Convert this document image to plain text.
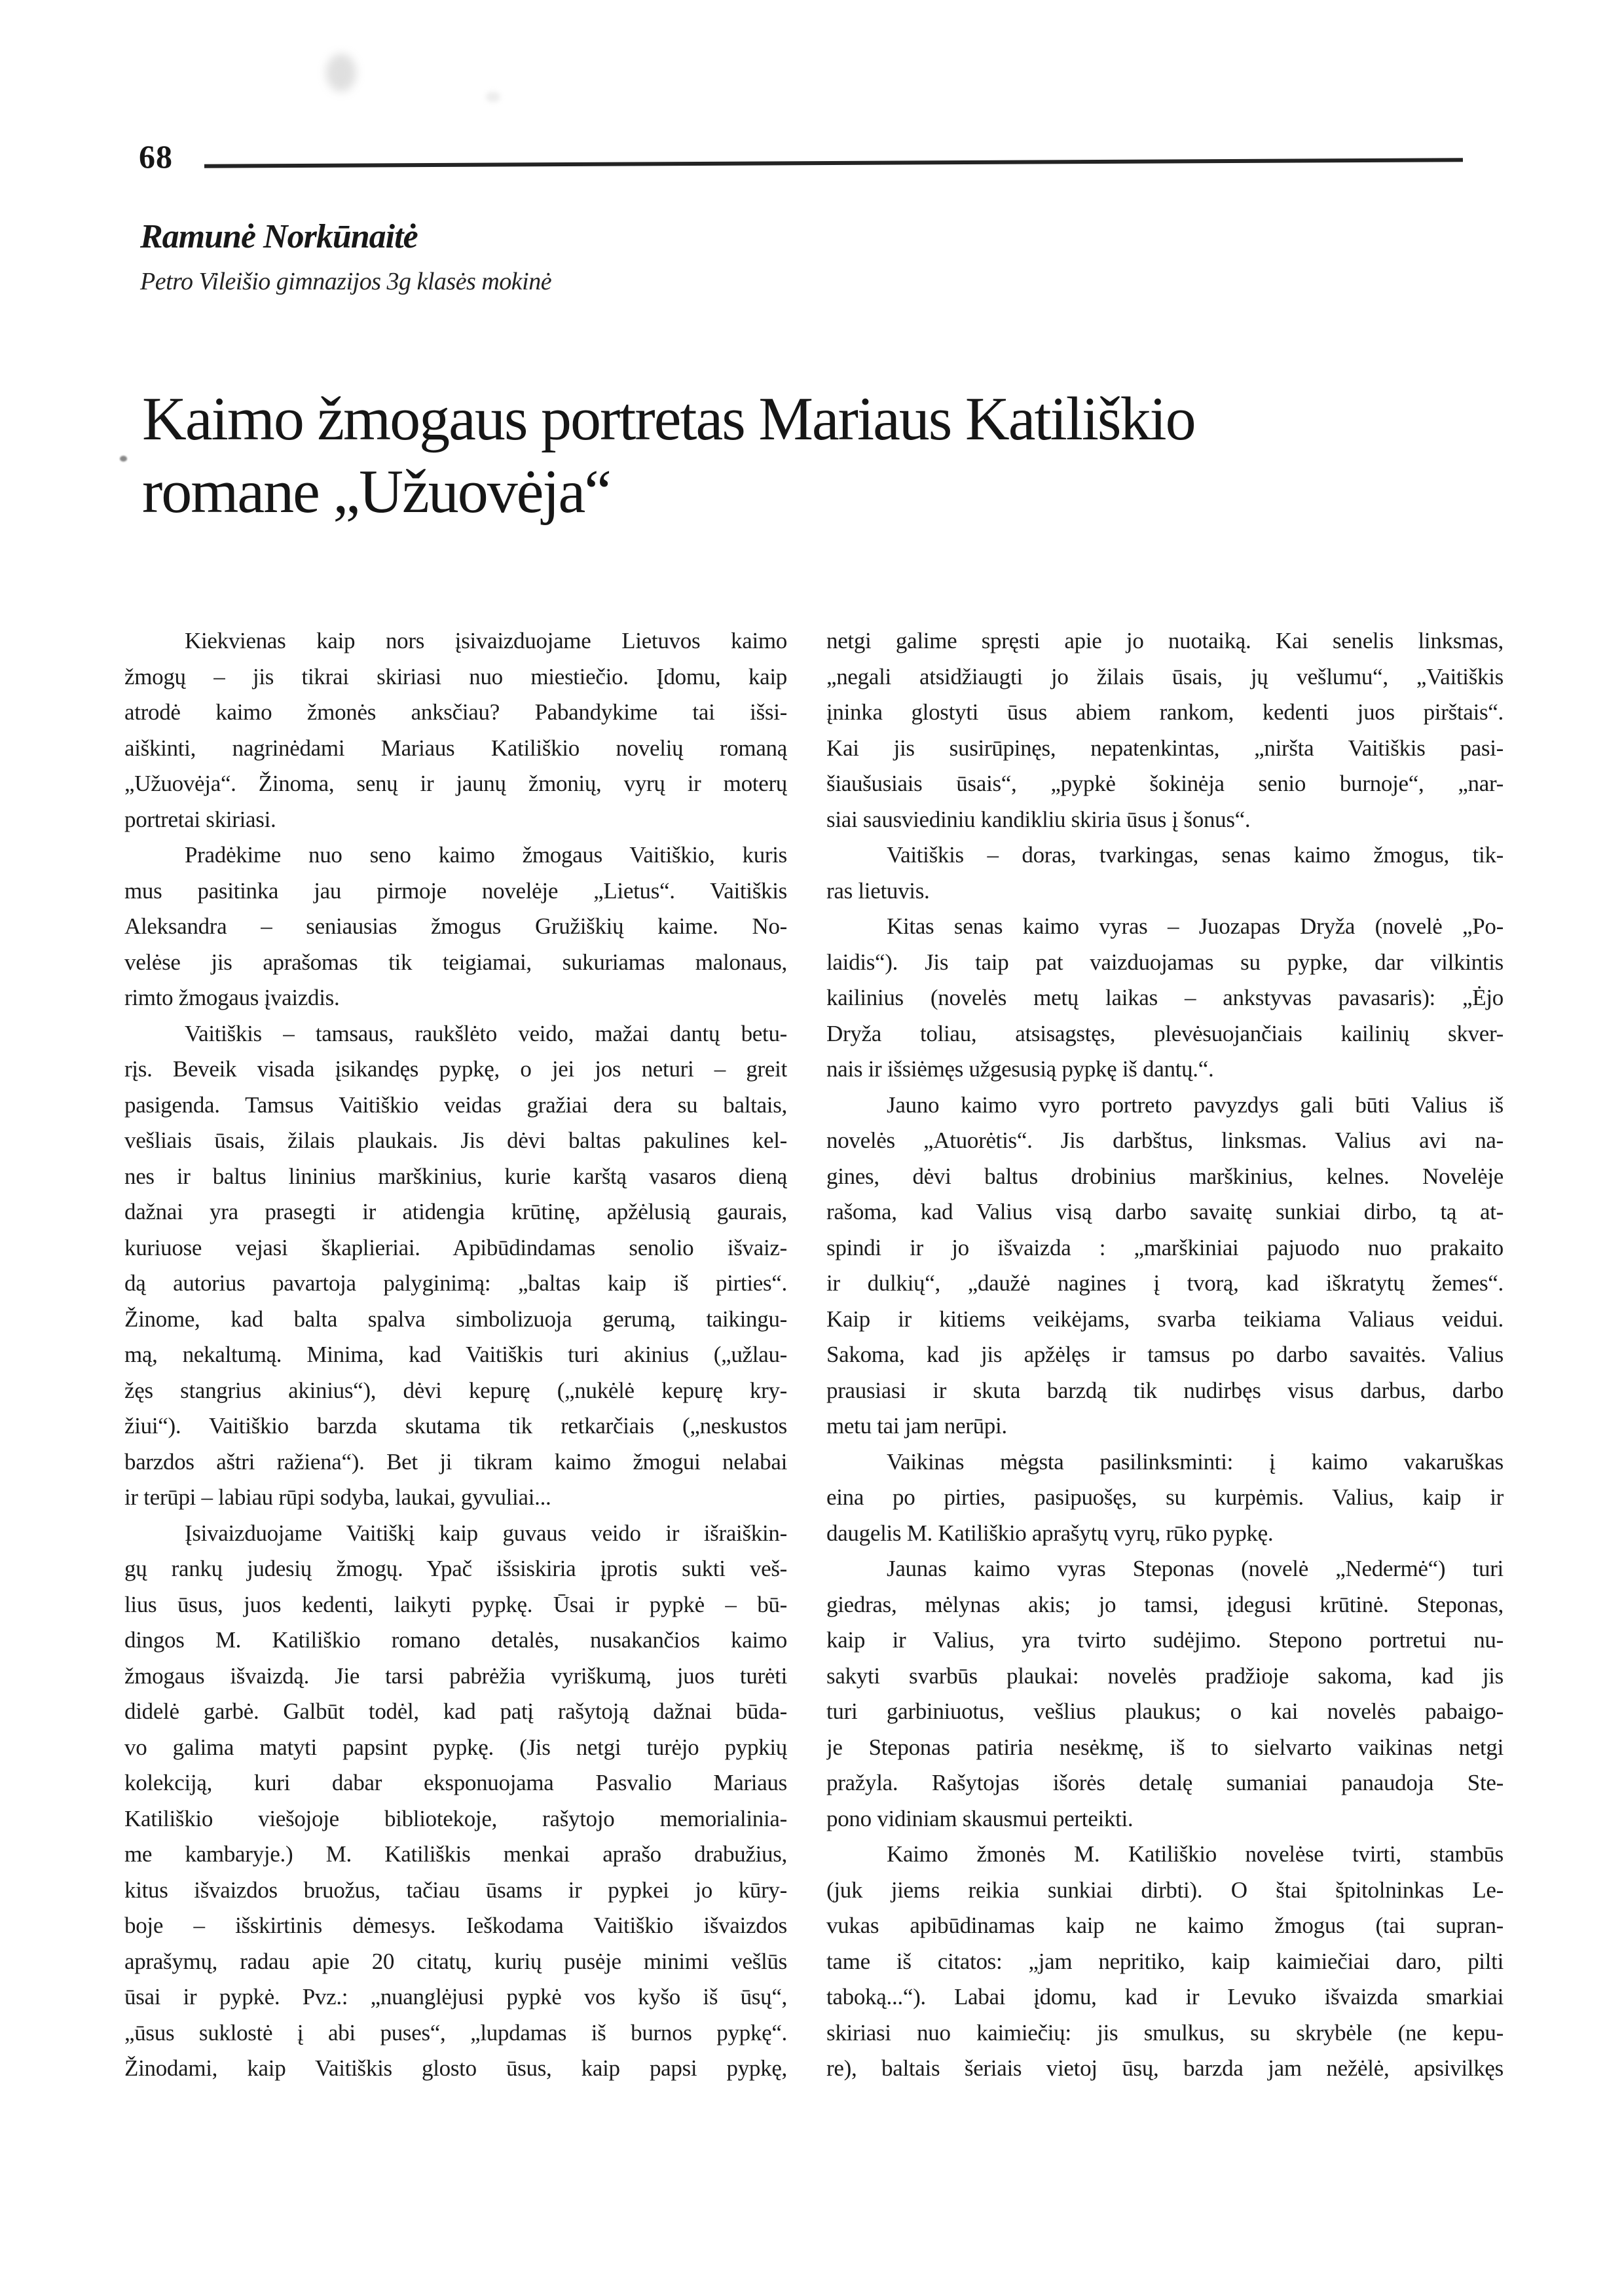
68
Ramunė Norkūnaitė
Petro Vileišio gimnazijos 3g klasės mokinė
Kaimo žmogaus portretas Mariaus Katiliškio
romane „Užuovėja“
Kiekvienas kaip nors įsivaizduojame Lietuvos kaimo
žmogų – jis tikrai skiriasi nuo miestiečio. Įdomu, kaip
atrodė kaimo žmonės anksčiau? Pabandykime tai išsi-
aiškinti, nagrinėdami Mariaus Katiliškio novelių romaną
„Užuovėja“. Žinoma, senų ir jaunų žmonių, vyrų ir moterų
portretai skiriasi.
Pradėkime nuo seno kaimo žmogaus Vaitiškio, kuris
mus pasitinka jau pirmoje novelėje „Lietus“. Vaitiškis
Aleksandra – seniausias žmogus Gružiškių kaime. No-
velėse jis aprašomas tik teigiamai, sukuriamas malonaus,
rimto žmogaus įvaizdis.
Vaitiškis – tamsaus, raukšlėto veido, mažai dantų betu-
rįs. Beveik visada įsikandęs pypkę, o jei jos neturi – greit
pasigenda. Tamsus Vaitiškio veidas gražiai dera su baltais,
vešliais ūsais, žilais plaukais. Jis dėvi baltas pakulines kel-
nes ir baltus lininius marškinius, kurie karštą vasaros dieną
dažnai yra prasegti ir atidengia krūtinę, apžėlusią gaurais,
kuriuose vejasi škaplieriai. Apibūdindamas senolio išvaiz-
dą autorius pavartoja palyginimą: „baltas kaip iš pirties“.
Žinome, kad balta spalva simbolizuoja gerumą, taikingu-
mą, nekaltumą. Minima, kad Vaitiškis turi akinius („užlau-
žęs stangrius akinius“), dėvi kepurę („nukėlė kepurę kry-
žiui“). Vaitiškio barzda skutama tik retkarčiais („neskustos
barzdos aštri ražiena“). Bet ji tikram kaimo žmogui nelabai
ir terūpi – labiau rūpi sodyba, laukai, gyvuliai...
Įsivaizduojame Vaitiškį kaip guvaus veido ir išraiškin-
gų rankų judesių žmogų. Ypač išsiskiria įprotis sukti veš-
lius ūsus, juos kedenti, laikyti pypkę. Ūsai ir pypkė – bū-
dingos M. Katiliškio romano detalės, nusakančios kaimo
žmogaus išvaizdą. Jie tarsi pabrėžia vyriškumą, juos turėti
didelė garbė. Galbūt todėl, kad patį rašytoją dažnai būda-
vo galima matyti papsint pypkę. (Jis netgi turėjo pypkių
kolekciją, kuri dabar eksponuojama Pasvalio Mariaus
Katiliškio viešojoje bibliotekoje, rašytojo memorialinia-
me kambaryje.) M. Katiliškis menkai aprašo drabužius,
kitus išvaizdos bruožus, tačiau ūsams ir pypkei jo kūry-
boje – išskirtinis dėmesys. Ieškodama Vaitiškio išvaizdos
aprašymų, radau apie 20 citatų, kurių pusėje minimi vešlūs
ūsai ir pypkė. Pvz.: „nuanglėjusi pypkė vos kyšo iš ūsų“,
„ūsus suklostė į abi puses“, „lupdamas iš burnos pypkę“.
Žinodami, kaip Vaitiškis glosto ūsus, kaip papsi pypkę,
netgi galime spręsti apie jo nuotaiką. Kai senelis linksmas,
„negali atsidžiaugti jo žilais ūsais, jų vešlumu“, „Vaitiškis
įninka glostyti ūsus abiem rankom, kedenti juos pirštais“.
Kai jis susirūpinęs, nepatenkintas, „niršta Vaitiškis pasi-
šiaušusiais ūsais“, „pypkė šokinėja senio burnoje“, „nar-
siai sausviediniu kandikliu skiria ūsus į šonus“.
Vaitiškis – doras, tvarkingas, senas kaimo žmogus, tik-
ras lietuvis.
Kitas senas kaimo vyras – Juozapas Dryža (novelė „Po-
laidis“). Jis taip pat vaizduojamas su pypke, dar vilkintis
kailinius (novelės metų laikas – ankstyvas pavasaris): „Ėjo
Dryža toliau, atsisagstęs, plevėsuojančiais kailinių skver-
nais ir išsiėmęs užgesusią pypkę iš dantų.“.
Jauno kaimo vyro portreto pavyzdys gali būti Valius iš
novelės „Atuorėtis“. Jis darbštus, linksmas. Valius avi na-
gines, dėvi baltus drobinius marškinius, kelnes. Novelėje
rašoma, kad Valius visą darbo savaitę sunkiai dirbo, tą at-
spindi ir jo išvaizda : „marškiniai pajuodo nuo prakaito
ir dulkių“, „daužė nagines į tvorą, kad iškratytų žemes“.
Kaip ir kitiems veikėjams, svarba teikiama Valiaus veidui.
Sakoma, kad jis apžėlęs ir tamsus po darbo savaitės. Valius
prausiasi ir skuta barzdą tik nudirbęs visus darbus, darbo
metu tai jam nerūpi.
Vaikinas mėgsta pasilinksminti: į kaimo vakaruškas
eina po pirties, pasipuošęs, su kurpėmis. Valius, kaip ir
daugelis M. Katiliškio aprašytų vyrų, rūko pypkę.
Jaunas kaimo vyras Steponas (novelė „Nedermė“) turi
giedras, mėlynas akis; jo tamsi, įdegusi krūtinė. Steponas,
kaip ir Valius, yra tvirto sudėjimo. Stepono portretui nu-
sakyti svarbūs plaukai: novelės pradžioje sakoma, kad jis
turi garbiniuotus, vešlius plaukus; o kai novelės pabaigo-
je Steponas patiria nesėkmę, iš to sielvarto vaikinas netgi
pražyla. Rašytojas išorės detalę sumaniai panaudoja Ste-
pono vidiniam skausmui perteikti.
Kaimo žmonės M. Katiliškio novelėse tvirti, stambūs
(juk jiems reikia sunkiai dirbti). O štai špitolninkas Le-
vukas apibūdinamas kaip ne kaimo žmogus (tai supran-
tame iš citatos: „jam nepritiko, kaip kaimiečiai daro, pilti
taboką...“). Labai įdomu, kad ir Levuko išvaizda smarkiai
skiriasi nuo kaimiečių: jis smulkus, su skrybėle (ne kepu-
re), baltais šeriais vietoj ūsų, barzda jam nežėlė, apsivilkęs
